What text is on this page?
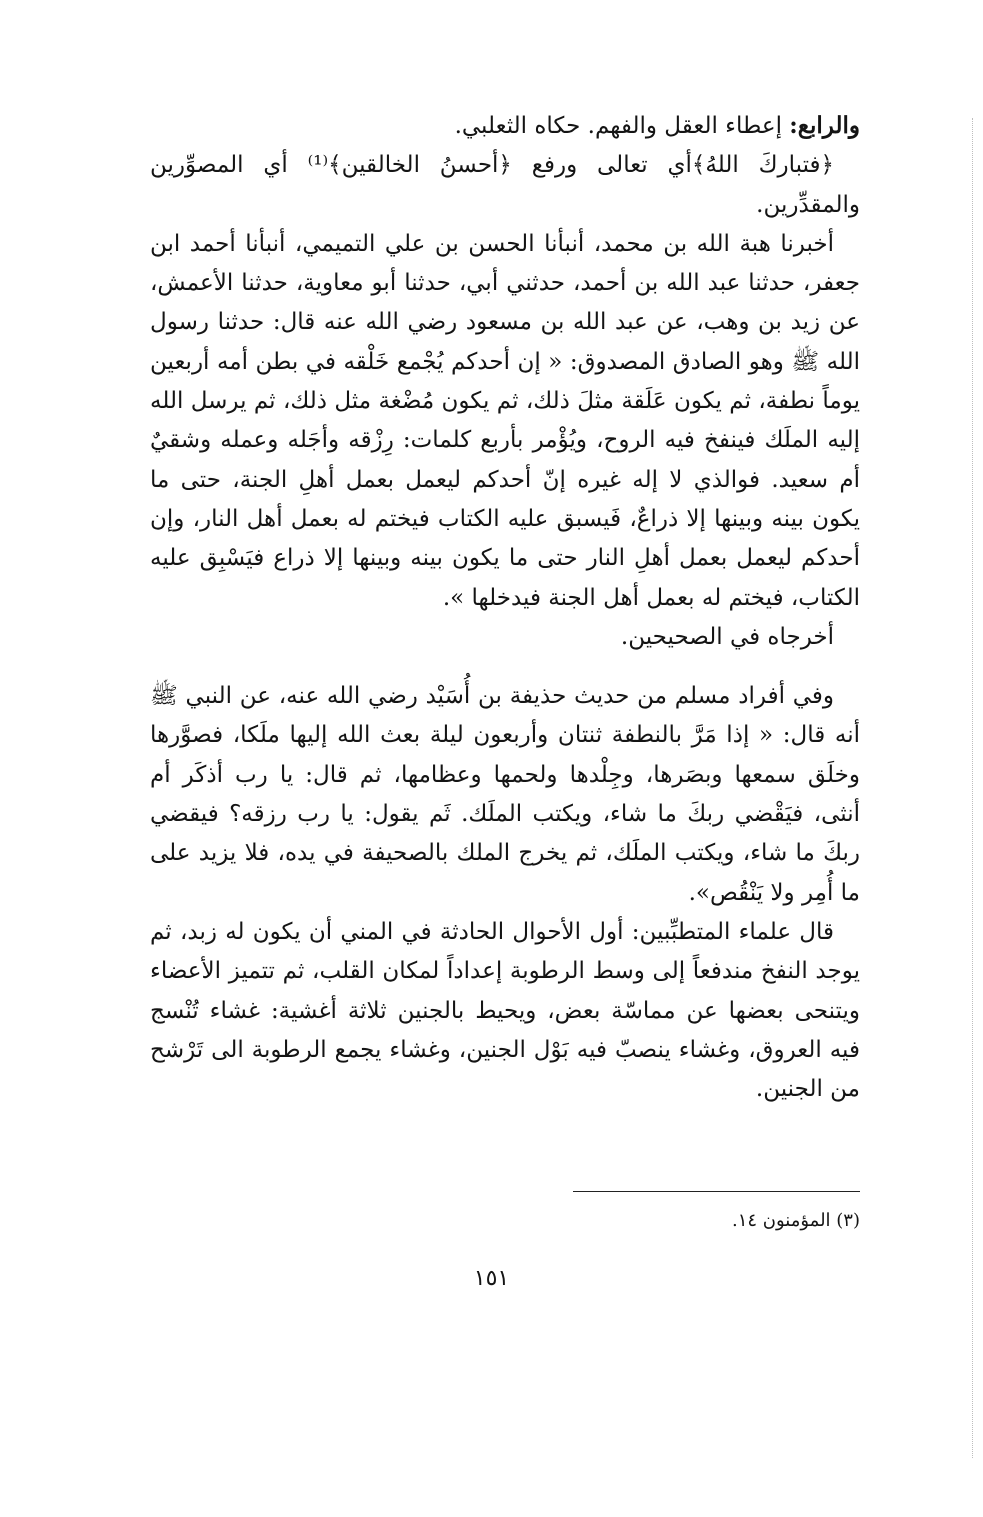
والرابع: إعطاء العقل والفهم. حكاه الثعلبي.

﴿فتباركَ اللهُ﴾أي تعالى ورفع ﴿أحسنُ الخالقين﴾⁽¹⁾ أي المصوِّرين والمقدِّرين.

أخبرنا هبة الله بن محمد، أنبأنا الحسن بن علي التميمي، أنبأنا أحمد ابن جعفر، حدثنا عبد الله بن أحمد، حدثني أبي، حدثنا أبو معاوية، حدثنا الأعمش، عن زيد بن وهب، عن عبد الله بن مسعود رضي الله عنه قال: حدثنا رسول الله ﷺ وهو الصادق المصدوق: « إن أحدكم يُجْمع خَلْقه في بطن أمه أربعين يوماً نطفة، ثم يكون عَلَقة مثلَ ذلك، ثم يكون مُضْغة مثل ذلك، ثم يرسل الله إليه الملَك فينفخ فيه الروح، ويُؤْمر بأربع كلمات: رِزْقه وأجَله وعمله وشقيٌ أم سعيد. فوالذي لا إله غيره إنّ أحدكم ليعمل بعمل أهلِ الجنة، حتى ما يكون بينه وبينها إلا ذراعٌ، فَيسبق عليه الكتاب فيختم له بعمل أهل النار، وإن أحدكم ليعمل بعمل أهلِ النار حتى ما يكون بينه وبينها إلا ذراع فيَسْبِق عليه الكتاب، فيختم له بعمل أهل الجنة فيدخلها ».

أخرجاه في الصحيحين.

وفي أفراد مسلم من حديث حذيفة بن أُسَيْد رضي الله عنه، عن النبي ﷺ أنه قال: « إذا مَرَّ بالنطفة ثنتان وأربعون ليلة بعث الله إليها ملَكا، فصوَّرها وخلَق سمعها وبصَرها، وجِلْدها ولحمها وعظامها، ثم قال: يا رب أذكَر أم أنثى، فيَقْضي ربكَ ما شاء، ويكتب الملَك. ثَم يقول: يا رب رزقه؟ فيقضي ربكَ ما شاء، ويكتب الملَك، ثم يخرج الملك بالصحيفة في يده، فلا يزيد على ما أُمِر ولا يَنْقُص».

قال علماء المتطبِّبين: أول الأحوال الحادثة في المني أن يكون له زبد، ثم يوجد النفخ مندفعاً إلى وسط الرطوبة إعداداً لمكان القلب، ثم تتميز الأعضاء ويتنحى بعضها عن مماسّة بعض، ويحيط بالجنين ثلاثة أغشية: غشاء تُنْسج فيه العروق، وغشاء ينصبّ فيه بَوْل الجنين، وغشاء يجمع الرطوبة الى تَرْشح من الجنين.

(٣) المؤمنون ١٤.
١٥١
